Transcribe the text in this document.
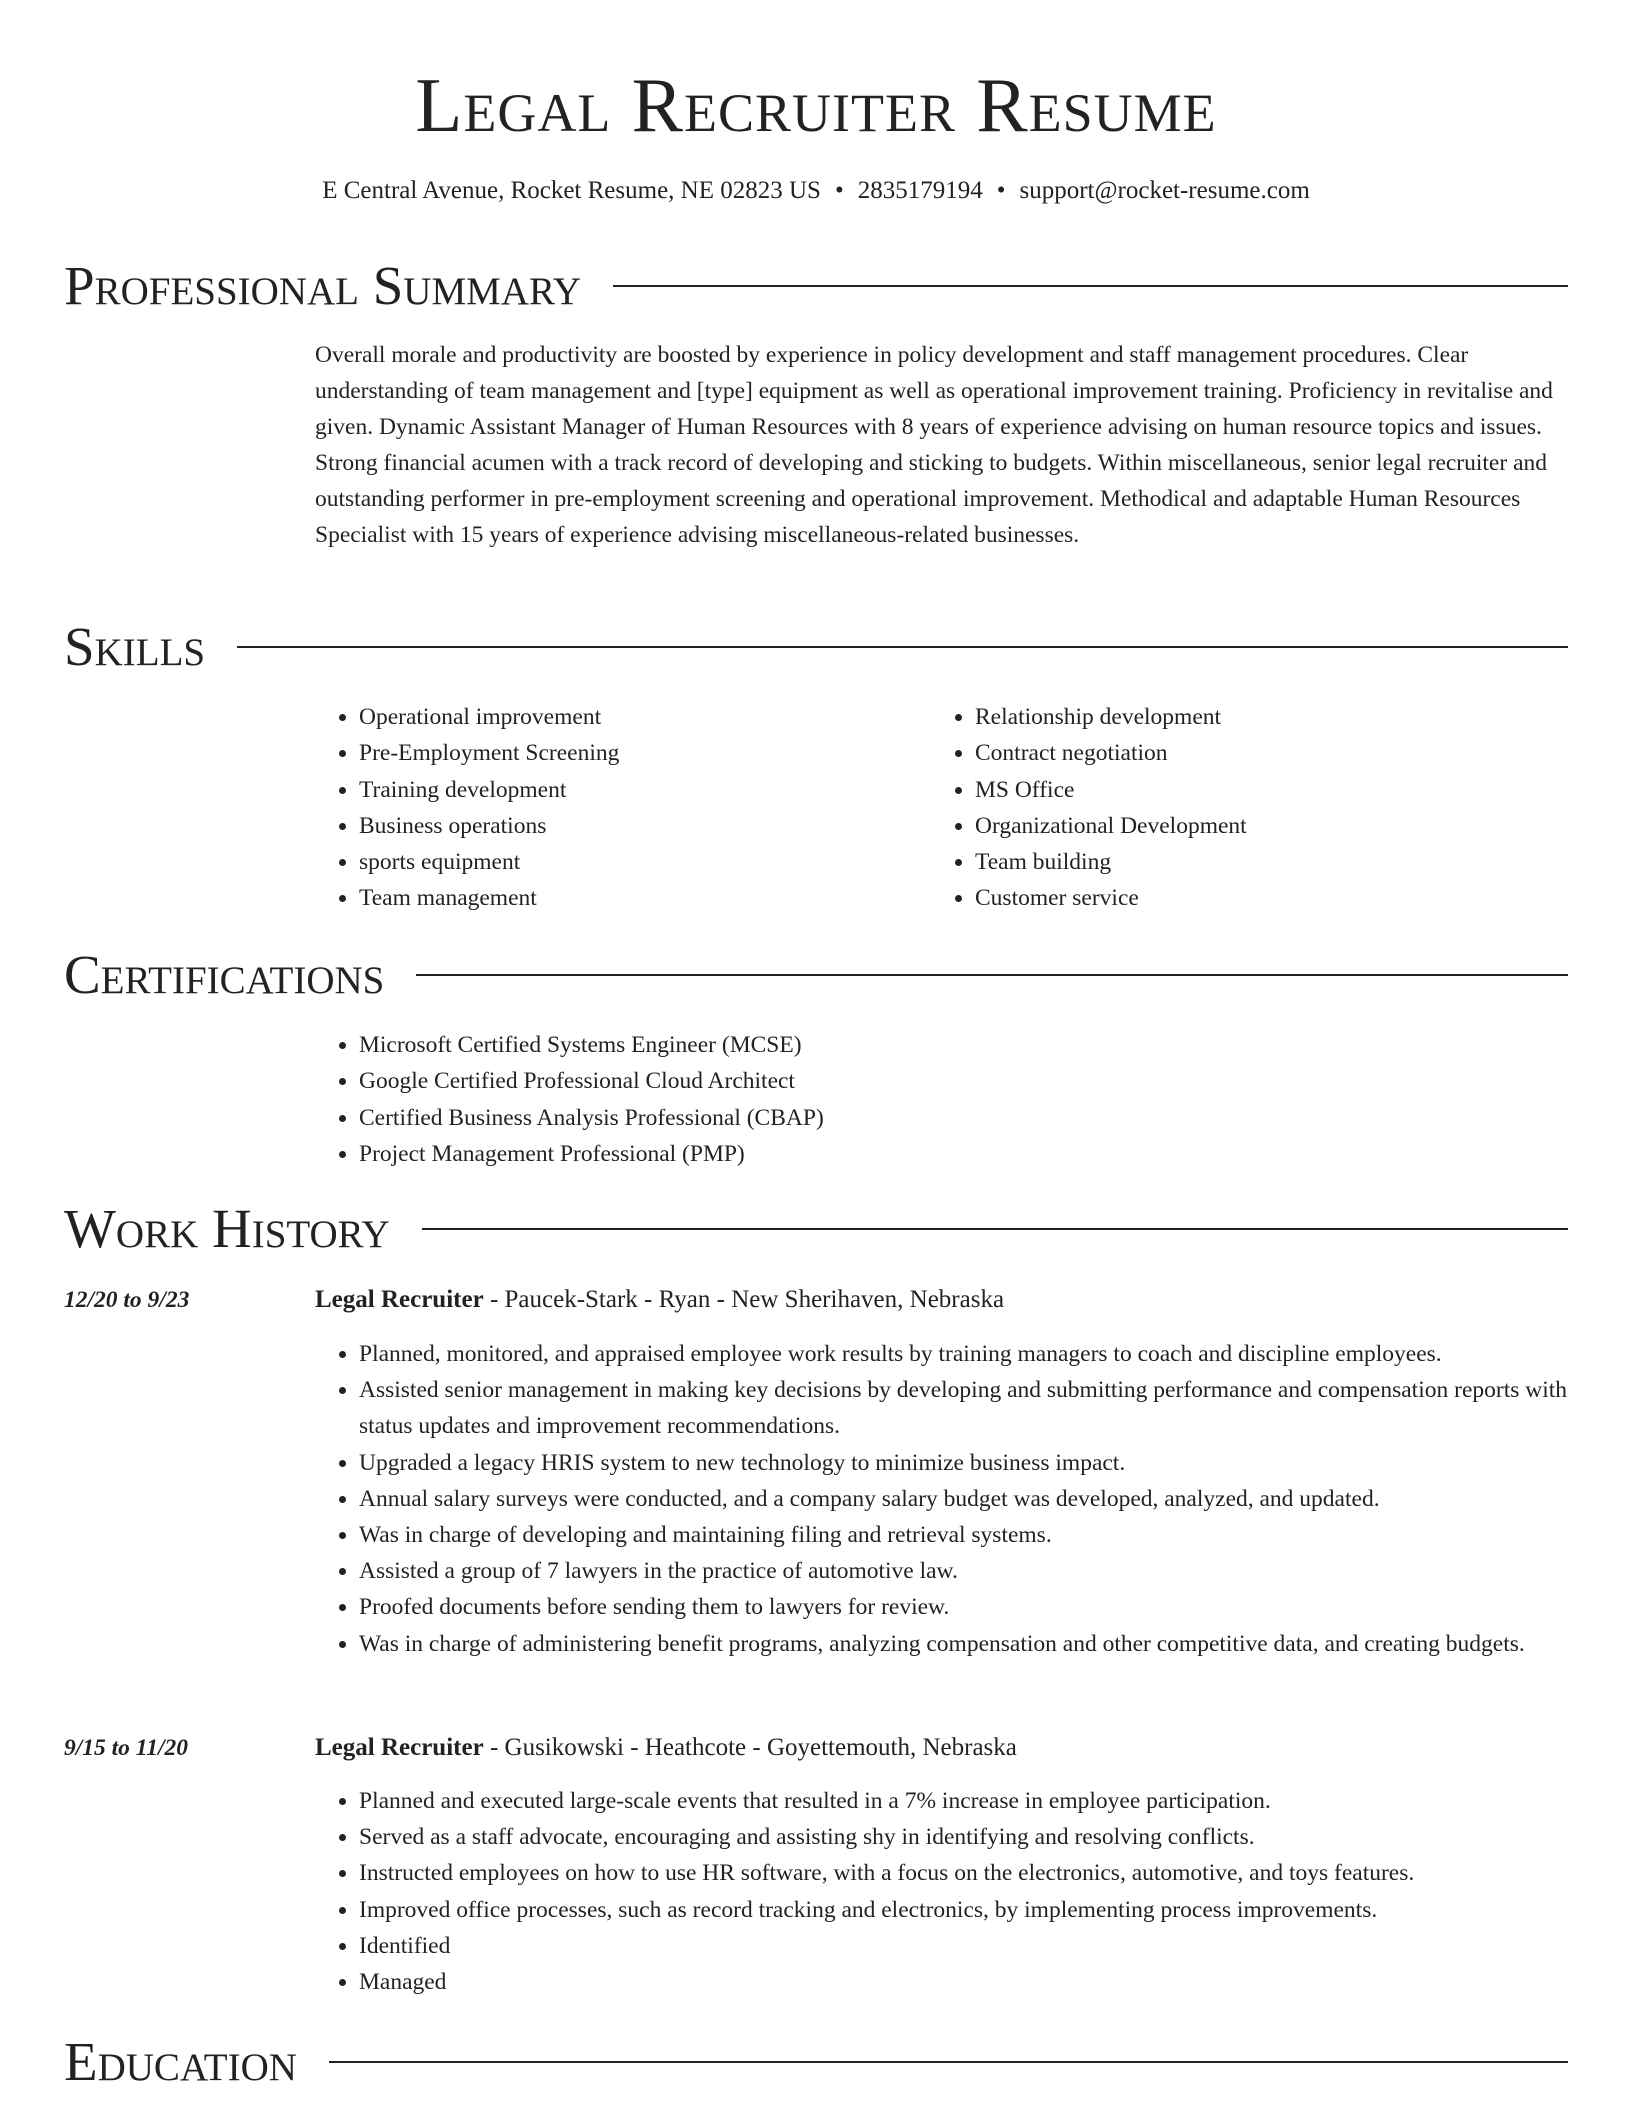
Legal Recruiter Resume
E Central Avenue, Rocket Resume, NE 02823 US • 2835179194 • support@rocket-resume.com
Professional Summary

Overall morale and productivity are boosted by experience in policy development and staff management procedures. Clear understanding of team management and [type] equipment as well as operational improvement training. Proficiency in revitalise and given. Dynamic Assistant Manager of Human Resources with 8 years of experience advising on human resource topics and issues. Strong financial acumen with a track record of developing and sticking to budgets. Within miscellaneous, senior legal recruiter and outstanding performer in pre-employment screening and operational improvement. Methodical and adaptable Human Resources Specialist with 15 years of experience advising miscellaneous-related businesses.

Skills
• Operational improvement
• Pre-Employment Screening
• Training development
• Business operations
• sports equipment
• Team management
• Relationship development
• Contract negotiation
• MS Office
• Organizational Development
• Team building
• Customer service
Certifications
• Microsoft Certified Systems Engineer (MCSE)
• Google Certified Professional Cloud Architect
• Certified Business Analysis Professional (CBAP)
• Project Management Professional (PMP)
Work History
12/20 to 9/23	Legal Recruiter - Paucek-Stark - Ryan - New Sherihaven, Nebraska
• Planned, monitored, and appraised employee work results by training managers to coach and discipline employees.
• Assisted senior management in making key decisions by developing and submitting performance and compensation reports with status updates and improvement recommendations.
• Upgraded a legacy HRIS system to new technology to minimize business impact.
• Annual salary surveys were conducted, and a company salary budget was developed, analyzed, and updated.
• Was in charge of developing and maintaining filing and retrieval systems.
• Assisted a group of 7 lawyers in the practice of automotive law.
• Proofed documents before sending them to lawyers for review.
• Was in charge of administering benefit programs, analyzing compensation and other competitive data, and creating budgets.
9/15 to 11/20	Legal Recruiter - Gusikowski - Heathcote - Goyettemouth, Nebraska
• Planned and executed large-scale events that resulted in a 7% increase in employee participation.
• Served as a staff advocate, encouraging and assisting shy in identifying and resolving conflicts.
• Instructed employees on how to use HR software, with a focus on the electronics, automotive, and toys features.
• Improved office processes, such as record tracking and electronics, by implementing process improvements.
• Identified
• Managed
Education
